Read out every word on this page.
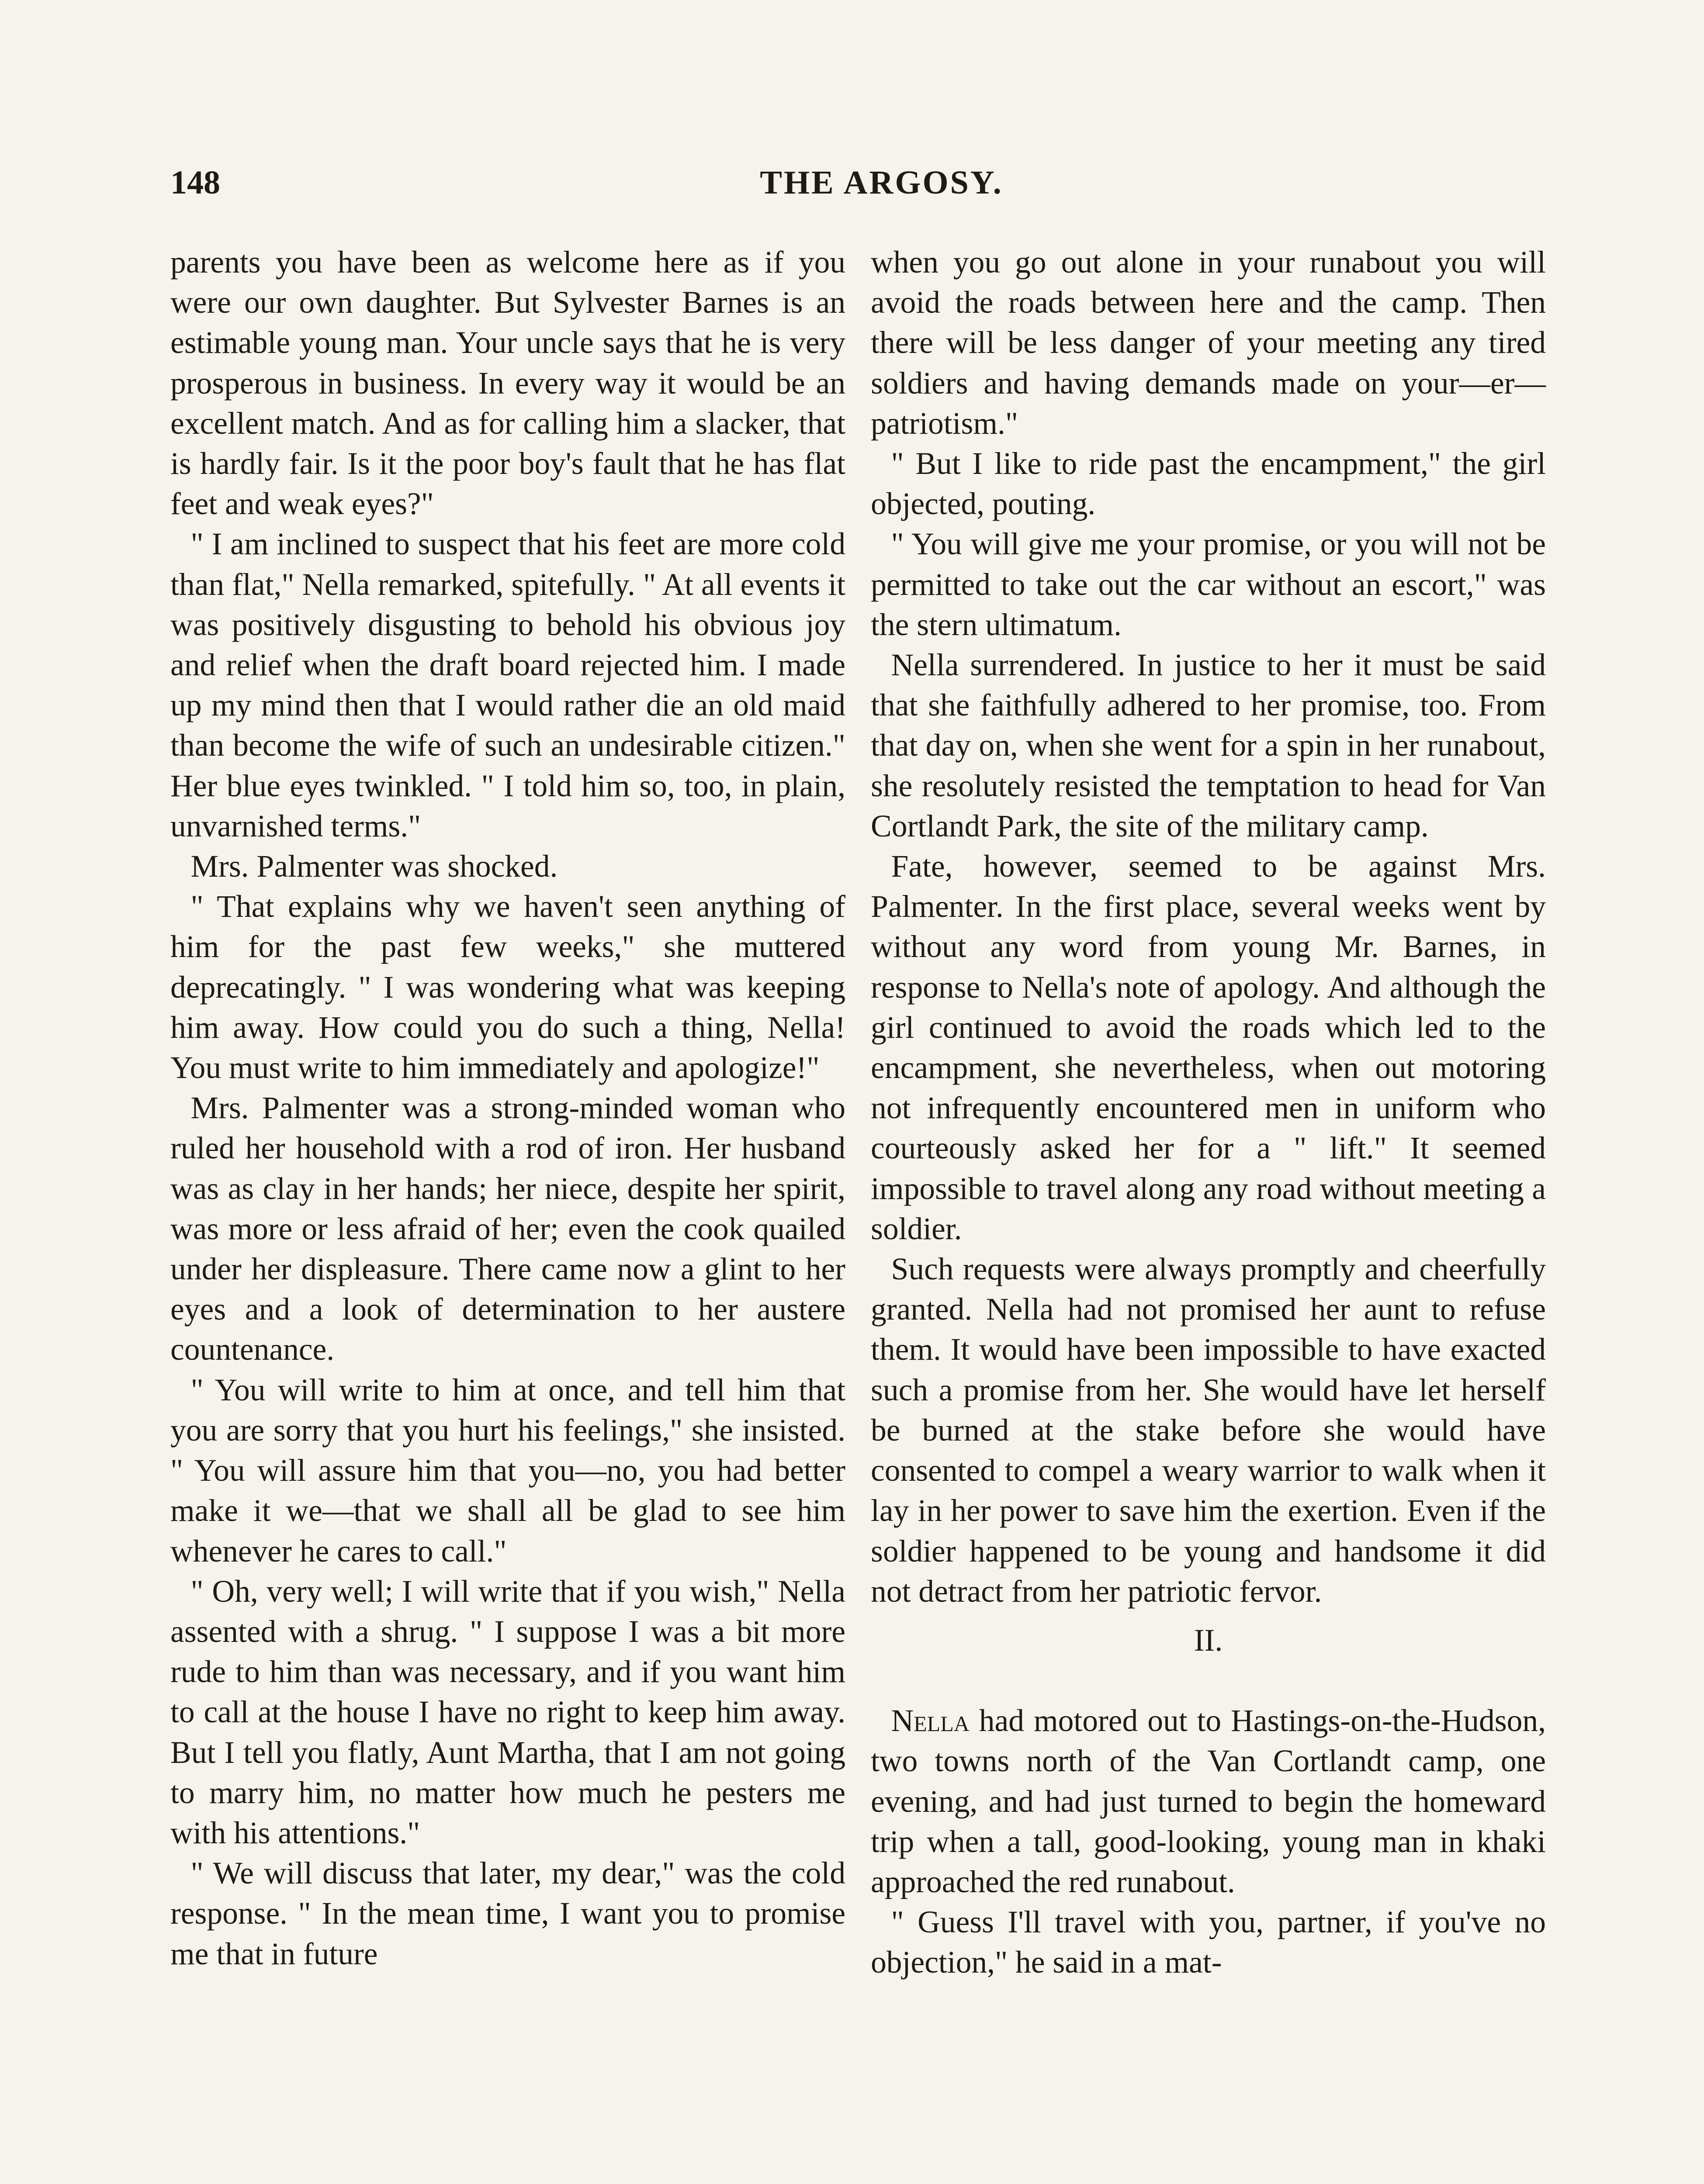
148	THE ARGOSY.

parents you have been as welcome here as if you were our own daughter. But Sylvester Barnes is an estimable young man. Your uncle says that he is very prosperous in business. In every way it would be an excellent match. And as for calling him a slacker, that is hardly fair. Is it the poor boy's fault that he has flat feet and weak eyes?"

" I am inclined to suspect that his feet are more cold than flat," Nella remarked, spitefully. " At all events it was positively disgusting to behold his obvious joy and relief when the draft board rejected him. I made up my mind then that I would rather die an old maid than become the wife of such an undesirable citizen." Her blue eyes twinkled. " I told him so, too, in plain, unvarnished terms."

Mrs. Palmenter was shocked.

" That explains why we haven't seen anything of him for the past few weeks," she muttered deprecatingly. " I was wondering what was keeping him away. How could you do such a thing, Nella! You must write to him immediately and apologize!"

Mrs. Palmenter was a strong-minded woman who ruled her household with a rod of iron. Her husband was as clay in her hands; her niece, despite her spirit, was more or less afraid of her; even the cook quailed under her displeasure. There came now a glint to her eyes and a look of determination to her austere countenance.

" You will write to him at once, and tell him that you are sorry that you hurt his feelings," she insisted. " You will assure him that you—no, you had better make it we—that we shall all be glad to see him whenever he cares to call."

" Oh, very well; I will write that if you wish," Nella assented with a shrug. " I suppose I was a bit more rude to him than was necessary, and if you want him to call at the house I have no right to keep him away. But I tell you flatly, Aunt Martha, that I am not going to marry him, no matter how much he pesters me with his attentions."

" We will discuss that later, my dear," was the cold response. " In the mean time, I want you to promise me that in future

when you go out alone in your runabout you will avoid the roads between here and the camp. Then there will be less danger of your meeting any tired soldiers and having demands made on your—er—patriotism."

" But I like to ride past the encampment," the girl objected, pouting.

" You will give me your promise, or you will not be permitted to take out the car without an escort," was the stern ultimatum.

Nella surrendered. In justice to her it must be said that she faithfully adhered to her promise, too. From that day on, when she went for a spin in her runabout, she resolutely resisted the temptation to head for Van Cortlandt Park, the site of the military camp.

Fate, however, seemed to be against Mrs. Palmenter. In the first place, several weeks went by without any word from young Mr. Barnes, in response to Nella's note of apology. And although the girl continued to avoid the roads which led to the encampment, she nevertheless, when out motoring not infrequently encountered men in uniform who courteously asked her for a " lift." It seemed impossible to travel along any road without meeting a soldier.

Such requests were always promptly and cheerfully granted. Nella had not promised her aunt to refuse them. It would have been impossible to have exacted such a promise from her. She would have let herself be burned at the stake before she would have consented to compel a weary warrior to walk when it lay in her power to save him the exertion. Even if the soldier happened to be young and handsome it did not detract from her patriotic fervor.

II.

Nella had motored out to Hastings-on-the-Hudson, two towns north of the Van Cortlandt camp, one evening, and had just turned to begin the homeward trip when a tall, good-looking, young man in khaki approached the red runabout.

" Guess I'll travel with you, partner, if you've no objection," he said in a mat-
